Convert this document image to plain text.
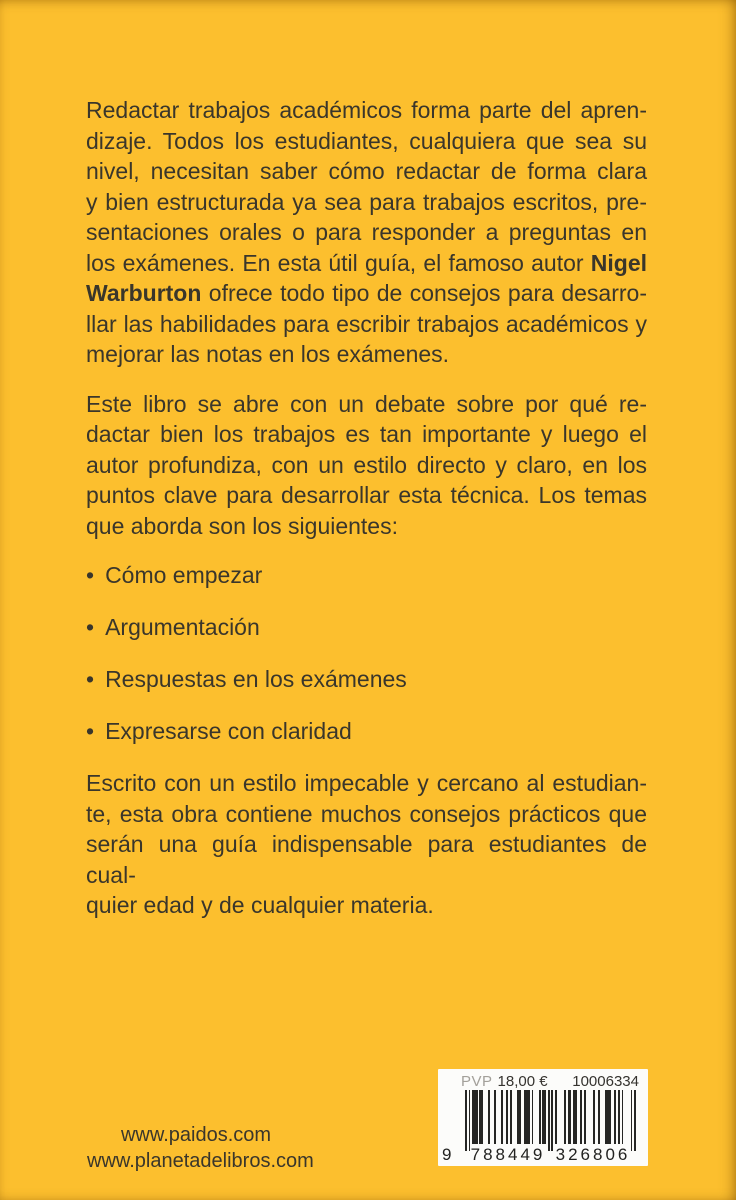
Redactar trabajos académicos forma parte del apren-
dizaje. Todos los estudiantes, cualquiera que sea su
nivel, necesitan saber cómo redactar de forma clara
y bien estructurada ya sea para trabajos escritos, pre-
sentaciones orales o para responder a preguntas en
los exámenes. En esta útil guía, el famoso autor Nigel
Warburton ofrece todo tipo de consejos para desarro-
llar las habilidades para escribir trabajos académicos y
mejorar las notas en los exámenes.
Este libro se abre con un debate sobre por qué re-
dactar bien los trabajos es tan importante y luego el
autor profundiza, con un estilo directo y claro, en los
puntos clave para desarrollar esta técnica. Los temas
que aborda son los siguientes:
• Cómo empezar
• Argumentación
• Respuestas en los exámenes
• Expresarse con claridad
Escrito con un estilo impecable y cercano al estudian-
te, esta obra contiene muchos consejos prácticos que
serán una guía indispensable para estudiantes de cual-
quier edad y de cualquier materia.
www.paidos.com
www.planetadelibros.com
PVP 18,00 € 10006334
9 788449 326806
